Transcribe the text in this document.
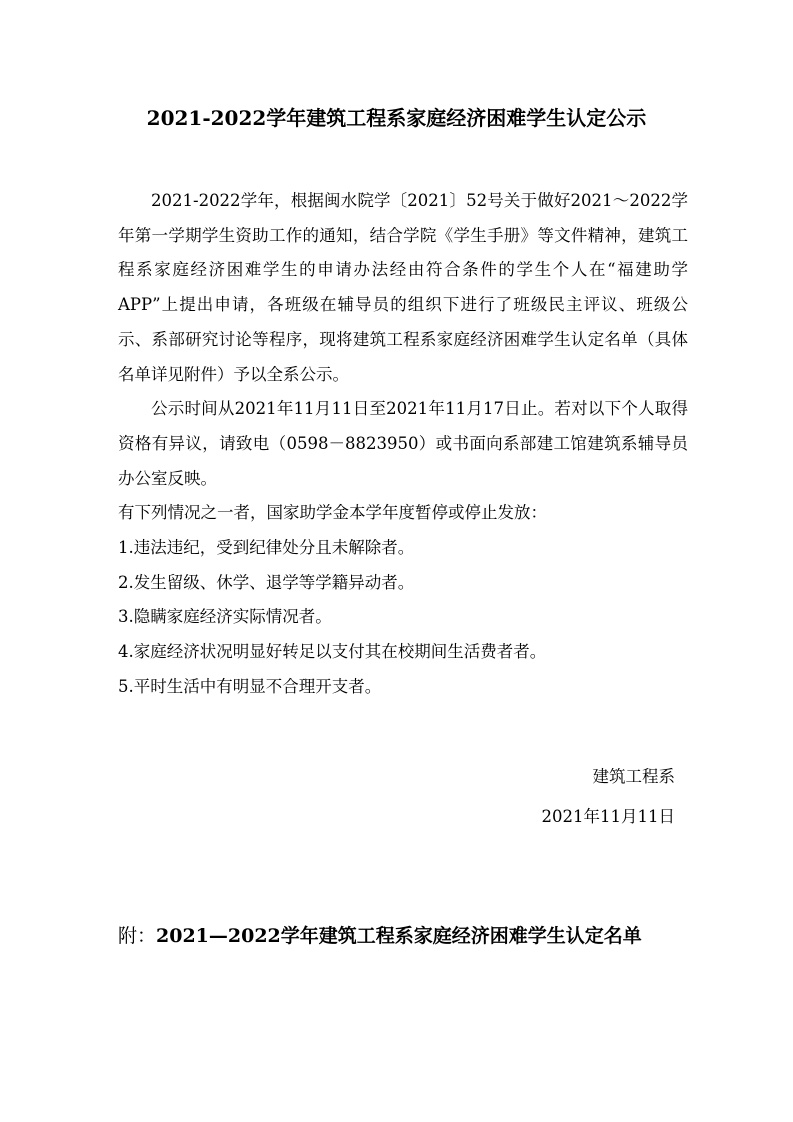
2021-2022学年建筑工程系家庭经济困难学生认定公示

2021-2022学年，根据闽水院学〔2021〕52号关于做好2021～2022学年第一学期学生资助工作的通知，结合学院《学生手册》等文件精神，建筑工程系家庭经济困难学生的申请办法经由符合条件的学生个人在“福建助学APP”上提出申请，各班级在辅导员的组织下进行了班级民主评议、班级公示、系部研究讨论等程序，现将建筑工程系家庭经济困难学生认定名单（具体名单详见附件）予以全系公示。

公示时间从2021年11月11日至2021年11月17日止。若对以下个人取得资格有异议，请致电（0598－8823950）或书面向系部建工馆建筑系辅导员办公室反映。

有下列情况之一者，国家助学金本学年度暂停或停止发放：

1.违法违纪，受到纪律处分且未解除者。

2.发生留级、休学、退学等学籍异动者。

3.隐瞒家庭经济实际情况者。

4.家庭经济状况明显好转足以支付其在校期间生活费者者。

5.平时生活中有明显不合理开支者。

建筑工程系
2021年11月11日
附：2021—2022学年建筑工程系家庭经济困难学生认定名单
